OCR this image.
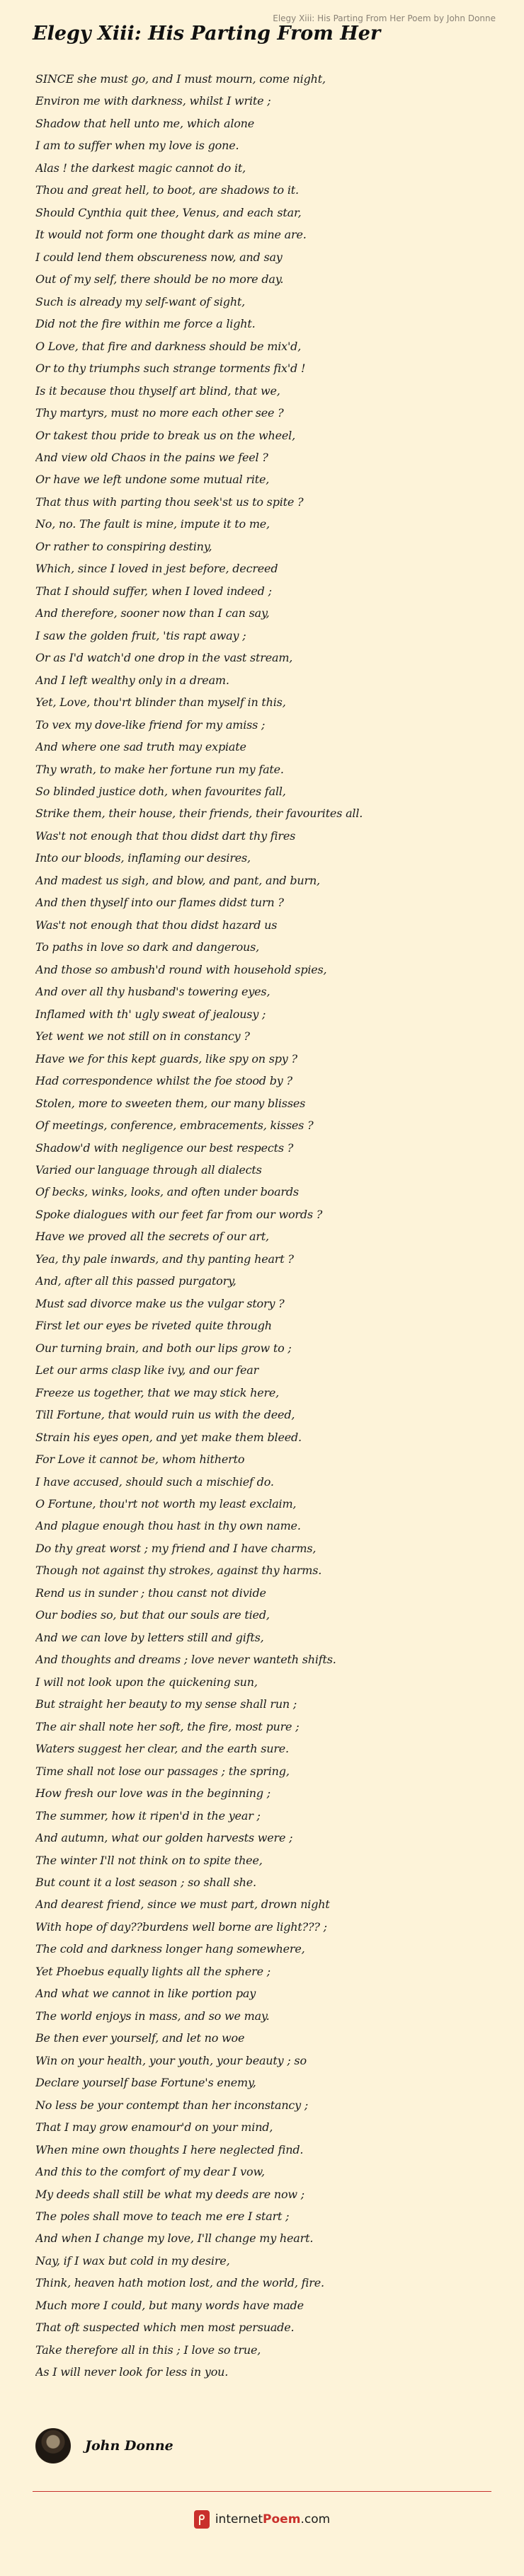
Elegy Xiii: His Parting From Her Poem by John Donne
Elegy Xiii: His Parting From Her
SINCE she must go, and I must mourn, come night,
Environ me with darkness, whilst I write ;
Shadow that hell unto me, which alone
I am to suffer when my love is gone.
Alas ! the darkest magic cannot do it,
Thou and great hell, to boot, are shadows to it.
Should Cynthia quit thee, Venus, and each star,
It would not form one thought dark as mine are.
I could lend them obscureness now, and say
Out of my self, there should be no more day.
Such is already my self-want of sight,
Did not the fire within me force a light.
O Love, that fire and darkness should be mix'd,
Or to thy triumphs such strange torments fix'd !
Is it because thou thyself art blind, that we,
Thy martyrs, must no more each other see ?
Or takest thou pride to break us on the wheel,
And view old Chaos in the pains we feel ?
Or have we left undone some mutual rite,
That thus with parting thou seek'st us to spite ?
No, no. The fault is mine, impute it to me,
Or rather to conspiring destiny,
Which, since I loved in jest before, decreed
That I should suffer, when I loved indeed ;
And therefore, sooner now than I can say,
I saw the golden fruit, 'tis rapt away ;
Or as I'd watch'd one drop in the vast stream,
And I left wealthy only in a dream.
Yet, Love, thou'rt blinder than myself in this,
To vex my dove-like friend for my amiss ;
And where one sad truth may expiate
Thy wrath, to make her fortune run my fate.
So blinded justice doth, when favourites fall,
Strike them, their house, their friends, their favourites all.
Was't not enough that thou didst dart thy fires
Into our bloods, inflaming our desires,
And madest us sigh, and blow, and pant, and burn,
And then thyself into our flames didst turn ?
Was't not enough that thou didst hazard us
To paths in love so dark and dangerous,
And those so ambush'd round with household spies,
And over all thy husband's towering eyes,
Inflamed with th' ugly sweat of jealousy ;
Yet went we not still on in constancy ?
Have we for this kept guards, like spy on spy ?
Had correspondence whilst the foe stood by ?
Stolen, more to sweeten them, our many blisses
Of meetings, conference, embracements, kisses ?
Shadow'd with negligence our best respects ?
Varied our language through all dialects
Of becks, winks, looks, and often under boards
Spoke dialogues with our feet far from our words ?
Have we proved all the secrets of our art,
Yea, thy pale inwards, and thy panting heart ?
And, after all this passed purgatory,
Must sad divorce make us the vulgar story ?
First let our eyes be riveted quite through
Our turning brain, and both our lips grow to ;
Let our arms clasp like ivy, and our fear
Freeze us together, that we may stick here,
Till Fortune, that would ruin us with the deed,
Strain his eyes open, and yet make them bleed.
For Love it cannot be, whom hitherto
I have accused, should such a mischief do.
O Fortune, thou'rt not worth my least exclaim,
And plague enough thou hast in thy own name.
Do thy great worst ; my friend and I have charms,
Though not against thy strokes, against thy harms.
Rend us in sunder ; thou canst not divide
Our bodies so, but that our souls are tied,
And we can love by letters still and gifts,
And thoughts and dreams ; love never wanteth shifts.
I will not look upon the quickening sun,
But straight her beauty to my sense shall run ;
The air shall note her soft, the fire, most pure ;
Waters suggest her clear, and the earth sure.
Time shall not lose our passages ; the spring,
How fresh our love was in the beginning ;
The summer, how it ripen'd in the year ;
And autumn, what our golden harvests were ;
The winter I'll not think on to spite thee,
But count it a lost season ; so shall she.
And dearest friend, since we must part, drown night
With hope of day??burdens well borne are light??? ;
The cold and darkness longer hang somewhere,
Yet Phoebus equally lights all the sphere ;
And what we cannot in like portion pay
The world enjoys in mass, and so we may.
Be then ever yourself, and let no woe
Win on your health, your youth, your beauty ; so
Declare yourself base Fortune's enemy,
No less be your contempt than her inconstancy ;
That I may grow enamour'd on your mind,
When mine own thoughts I here neglected find.
And this to the comfort of my dear I vow,
My deeds shall still be what my deeds are now ;
The poles shall move to teach me ere I start ;
And when I change my love, I'll change my heart.
Nay, if I wax but cold in my desire,
Think, heaven hath motion lost, and the world, fire.
Much more I could, but many words have made
That oft suspected which men most persuade.
Take therefore all in this ; I love so true,
As I will never look for less in you.
John Donne
internet Poem .com
